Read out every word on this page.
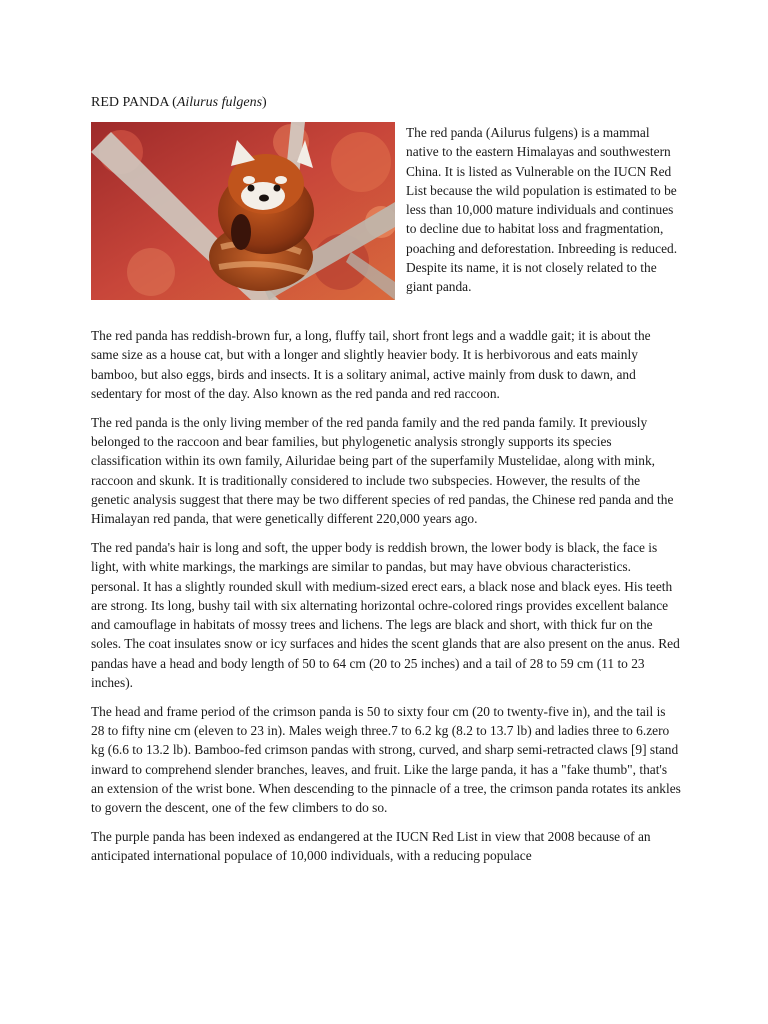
RED PANDA (Ailurus fulgens)

The red panda (Ailurus fulgens) is a mammal native to the eastern Himalayas and southwestern China. It is listed as Vulnerable on the IUCN Red List because the wild population is estimated to be less than 10,000 mature individuals and continues to decline due to habitat loss and fragmentation, poaching and deforestation. Inbreeding is reduced. Despite its name, it is not closely related to the giant panda.

The red panda has reddish-brown fur, a long, fluffy tail, short front legs and a waddle gait; it is about the same size as a house cat, but with a longer and slightly heavier body. It is herbivorous and eats mainly bamboo, but also eggs, birds and insects. It is a solitary animal, active mainly from dusk to dawn, and sedentary for most of the day. Also known as the red panda and red raccoon.

The red panda is the only living member of the red panda family and the red panda family. It previously belonged to the raccoon and bear families, but phylogenetic analysis strongly supports its species classification within its own family, Ailuridae being part of the superfamily Mustelidae, along with mink, raccoon and skunk. It is traditionally considered to include two subspecies. However, the results of the genetic analysis suggest that there may be two different species of red pandas, the Chinese red panda and the Himalayan red panda, that were genetically different 220,000 years ago.

The red panda's hair is long and soft, the upper body is reddish brown, the lower body is black, the face is light, with white markings, the markings are similar to pandas, but may have obvious characteristics. personal. It has a slightly rounded skull with medium-sized erect ears, a black nose and black eyes. His teeth are strong. Its long, bushy tail with six alternating horizontal ochre-colored rings provides excellent balance and camouflage in habitats of mossy trees and lichens. The legs are black and short, with thick fur on the soles. The coat insulates snow or icy surfaces and hides the scent glands that are also present on the anus. Red pandas have a head and body length of 50 to 64 cm (20 to 25 inches) and a tail of 28 to 59 cm (11 to 23 inches).

The head and frame period of the crimson panda is 50 to sixty four cm (20 to twenty-five in), and the tail is 28 to fifty nine cm (eleven to 23 in). Males weigh three.7 to 6.2 kg (8.2 to 13.7 lb) and ladies three to 6.zero kg (6.6 to 13.2 lb). Bamboo-fed crimson pandas with strong, curved, and sharp semi-retracted claws [9] stand inward to comprehend slender branches, leaves, and fruit. Like the large panda, it has a "fake thumb", that's an extension of the wrist bone. When descending to the pinnacle of a tree, the crimson panda rotates its ankles to govern the descent, one of the few climbers to do so.

The purple panda has been indexed as endangered at the IUCN Red List in view that 2008 because of an anticipated international populace of 10,000 individuals, with a reducing populace
